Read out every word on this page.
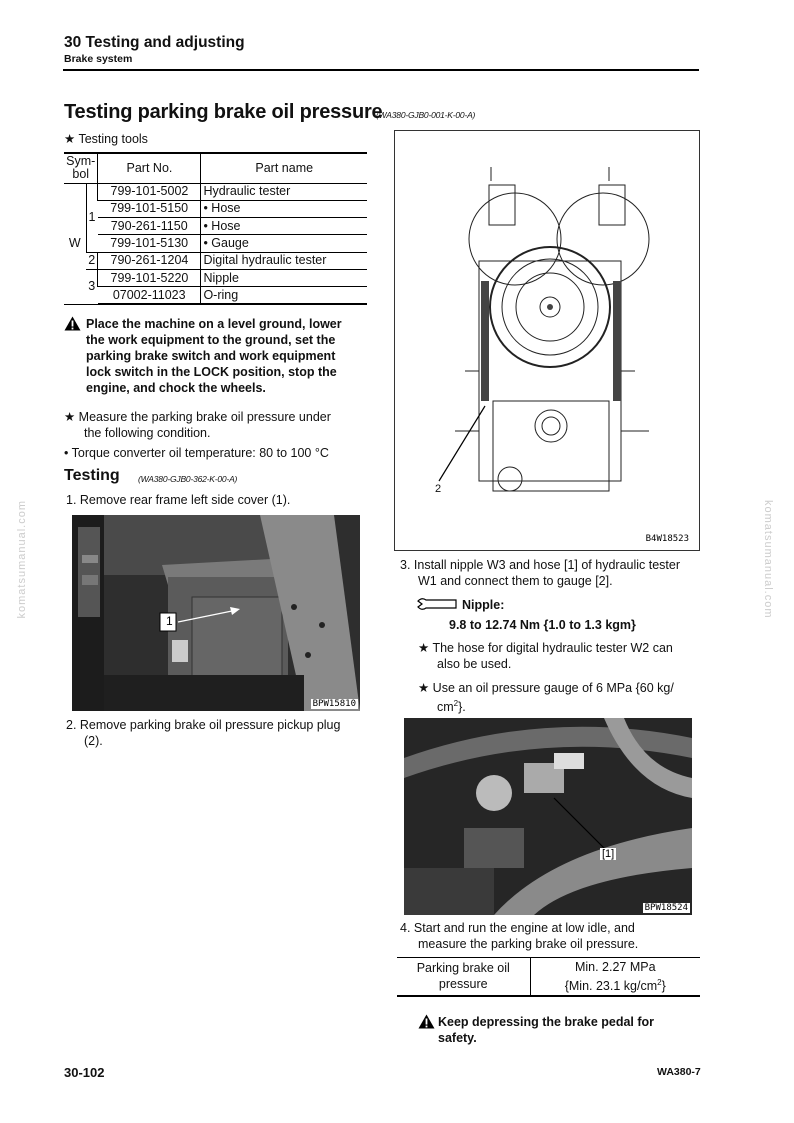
30 Testing and adjusting
Brake system
Testing parking brake oil pressure
(WA380-GJB0-001-K-00-A)
★ Testing tools
Sym-
bol		Part No.	Part name
W	1	799-101-5002	Hydraulic tester
		799-101-5150	• Hose
		790-261-1150	• Hose
		799-101-5130	• Gauge
	2	790-261-1204	Digital hydraulic tester
	3	799-101-5220	Nipple
		07002-11023	O-ring
Place the machine on a level ground, lower
the work equipment to the ground, set the
parking brake switch and work equipment
lock switch in the LOCK position, stop the
engine, and chock the wheels.
★ Measure the parking brake oil pressure under
the following condition.
• Torque converter oil temperature: 80 to 100 °C
Testing (WA380-GJB0-362-K-00-A)
1. Remove rear frame left side cover (1).
1
BPW15810
2. Remove parking brake oil pressure pickup plug
(2).
2
B4W18523
3. Install nipple W3 and hose [1] of hydraulic tester
W1 and connect them to gauge [2].
Nipple:
9.8 to 12.74 Nm {1.0 to 1.3 kgm}
★ The hose for digital hydraulic tester W2 can
also be used.
★ Use an oil pressure gauge of 6 MPa {60 kg/
$cm^2$}.
[1]
BPW18524
4. Start and run the engine at low idle, and
measure the parking brake oil pressure.
Parking brake oil
pressure

Min. 2.27 MPa
{Min. 23.1 $kg/cm^2$}
Keep depressing the brake pedal for
safety.
30-102	WA380-7
komatsumanual.com	komatsumanual.com
